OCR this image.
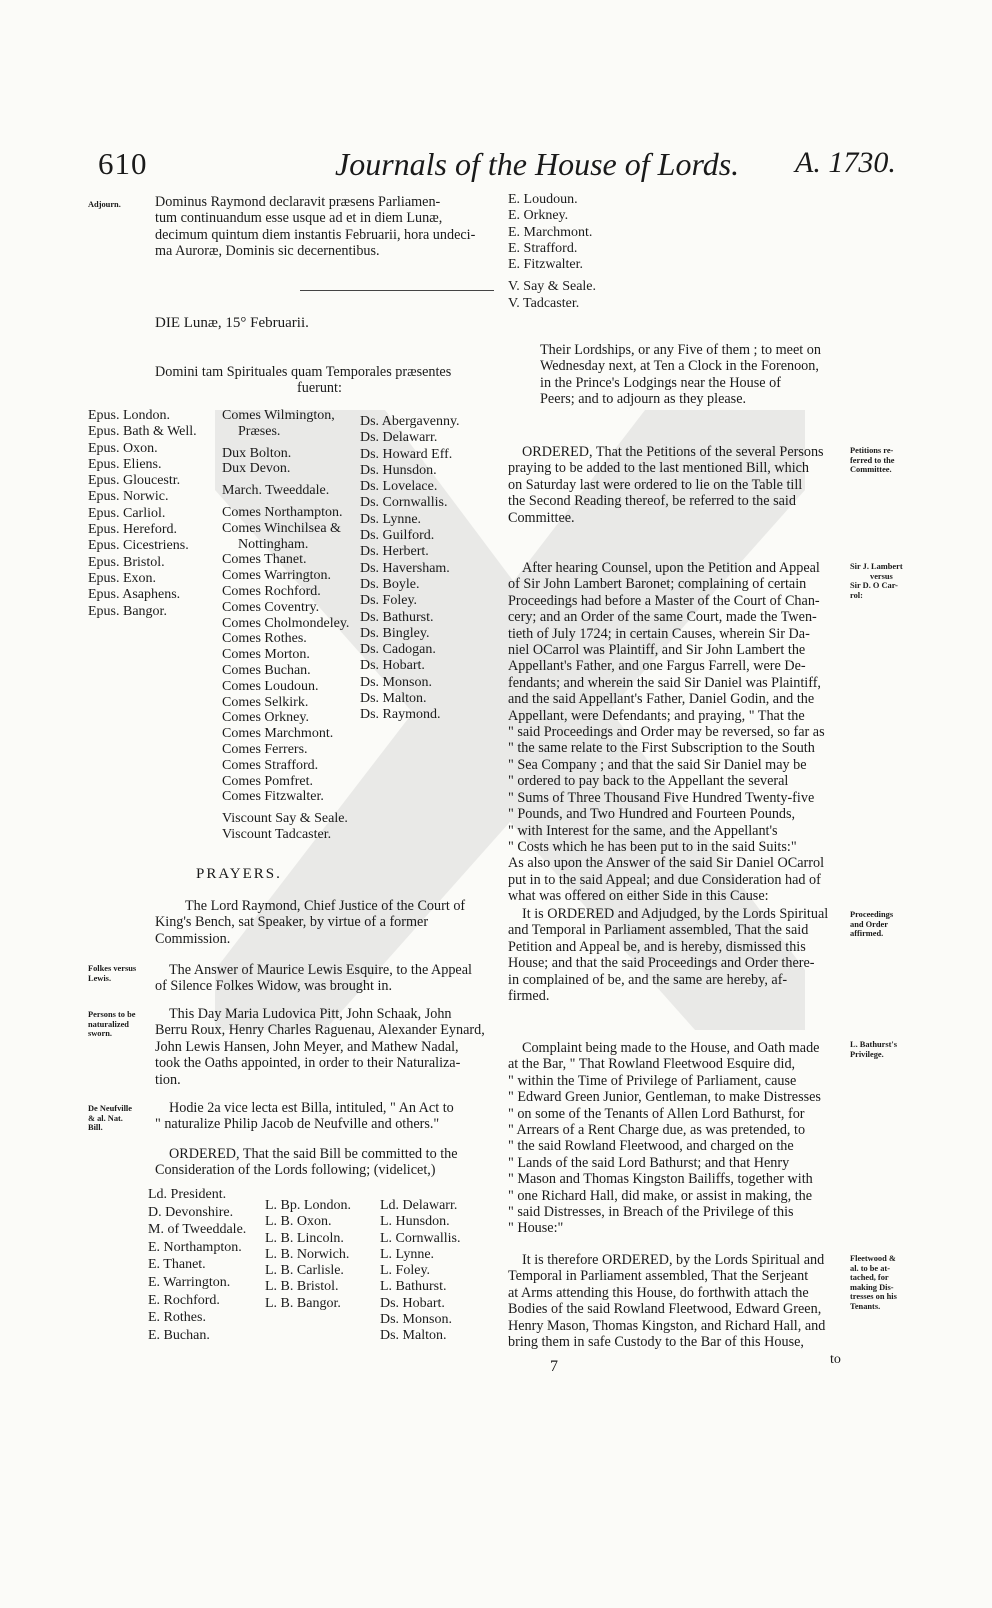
610	Journals of the House of Lords. A. 1730.
Adjourn. Dominus Raymond declaravit præsens Parliamen-
tum continuandum esse usque ad et in diem Lunæ,
decimum quintum diem instantis Februarii, hora undeci-
ma Auroræ, Dominis sic decernentibus.
E. Loudoun.
E. Orkney.
E. Marchmont.
E. Strafford.
E. Fitzwalter.
V. Say & Seale.
V. Tadcaster.
Their Lordships, or any Five of them ; to meet on
Wednesday next, at Ten a Clock in the Forenoon,
in the Prince's Lodgings near the House of
Peers; and to adjourn as they please.
DIE Lunæ, 15° Februarii.
Domini tam Spirituales quam Temporales præsentes
fuerunt:
Epus. London.
Epus. Bath & Well.
Epus. Oxon.
Epus. Eliens.
Epus. Gloucestr.
Epus. Norwic.
Epus. Carliol.
Epus. Hereford.
Epus. Cicestriens.
Epus. Bristol.
Epus. Exon.
Epus. Asaphens.
Epus. Bangor.
Comes Wilmington,
Præses.
Dux Bolton.
Dux Devon.
March. Tweeddale.
Comes Northampton.
Comes Winchilsea &
Nottingham.
Comes Thanet.
Comes Warrington.
Comes Rochford.
Comes Coventry.
Comes Cholmondeley.
Comes Rothes.
Comes Morton.
Comes Buchan.
Comes Loudoun.
Comes Selkirk.
Comes Orkney.
Comes Marchmont.
Comes Ferrers.
Comes Strafford.
Comes Pomfret.
Comes Fitzwalter.
Viscount Say & Seale.
Viscount Tadcaster.
Ds. Abergavenny.
Ds. Delawarr.
Ds. Howard Eff.
Ds. Hunsdon.
Ds. Lovelace.
Ds. Cornwallis.
Ds. Lynne.
Ds. Guilford.
Ds. Herbert.
Ds. Haversham.
Ds. Boyle.
Ds. Foley.
Ds. Bathurst.
Ds. Bingley.
Ds. Cadogan.
Ds. Hobart.
Ds. Monson.
Ds. Malton.
Ds. Raymond.
PRAYERS.
The Lord Raymond, Chief Justice of the Court of
King's Bench, sat Speaker, by virtue of a former
Commission.
Folkes versus
Lewis.
The Answer of Maurice Lewis Esquire, to the Appeal
of Silence Folkes Widow, was brought in.
Persons to be
naturalized
sworn.
This Day Maria Ludovica Pitt, John Schaak, John
Berru Roux, Henry Charles Raguenau, Alexander Eynard,
John Lewis Hansen, John Meyer, and Mathew Nadal,
took the Oaths appointed, in order to their Naturaliza-
tion.
De Neufville
& al. Nat.
Bill.
Hodie 2a vice lecta est Billa, intituled, " An Act to
" naturalize Philip Jacob de Neufville and others."
ORDERED, That the said Bill be committed to the
Consideration of the Lords following; (videlicet,)
Ld. President.
D. Devonshire.
M. of Tweeddale.
E. Northampton.
E. Thanet.
E. Warrington.
E. Rochford.
E. Rothes.
E. Buchan.
L. Bp. London.
L. B. Oxon.
L. B. Lincoln.
L. B. Norwich.
L. B. Carlisle.
L. B. Bristol.
L. B. Bangor.
Ld. Delawarr.
L. Hunsdon.
L. Cornwallis.
L. Lynne.
L. Foley.
L. Bathurst.
Ds. Hobart.
Ds. Monson.
Ds. Malton.
ORDERED, That the Petitions of the several Persons
praying to be added to the last mentioned Bill, which
on Saturday last were ordered to lie on the Table till
the Second Reading thereof, be referred to the said
Committee.
Petitions re-
ferred to the
Committee.
After hearing Counsel, upon the Petition and Appeal
of Sir John Lambert Baronet; complaining of certain
Proceedings had before a Master of the Court of Chan-
cery; and an Order of the same Court, made the Twen-
tieth of July 1724; in certain Causes, wherein Sir Da-
niel OCarrol was Plaintiff, and Sir John Lambert the
Appellant's Father, and one Fargus Farrell, were De-
fendants; and wherein the said Sir Daniel was Plaintiff,
and the said Appellant's Father, Daniel Godin, and the
Appellant, were Defendants; and praying, " That the
" said Proceedings and Order may be reversed, so far as
" the same relate to the First Subscription to the South
" Sea Company ; and that the said Sir Daniel may be
" ordered to pay back to the Appellant the several
" Sums of Three Thousand Five Hundred Twenty-five
" Pounds, and Two Hundred and Fourteen Pounds,
" with Interest for the same, and the Appellant's
" Costs which he has been put to in the said Suits:"
As also upon the Answer of the said Sir Daniel OCarrol
put in to the said Appeal; and due Consideration had of
what was offered on either Side in this Cause:
Sir J. Lambert
versus
Sir D. O Car-
rol:
It is ORDERED and Adjudged, by the Lords Spiritual
and Temporal in Parliament assembled, That the said
Petition and Appeal be, and is hereby, dismissed this
House; and that the said Proceedings and Order there-
in complained of be, and the same are hereby, af-
firmed.
Proceedings
and Order
affirmed.
Complaint being made to the House, and Oath made
at the Bar, " That Rowland Fleetwood Esquire did,
" within the Time of Privilege of Parliament, cause
" Edward Green Junior, Gentleman, to make Distresses
" on some of the Tenants of Allen Lord Bathurst, for
" Arrears of a Rent Charge due, as was pretended, to
" the said Rowland Fleetwood, and charged on the
" Lands of the said Lord Bathurst; and that Henry
" Mason and Thomas Kingston Bailiffs, together with
" one Richard Hall, did make, or assist in making, the
" said Distresses, in Breach of the Privilege of this
" House:"
L. Bathurst's
Privilege.
It is therefore ORDERED, by the Lords Spiritual and
Temporal in Parliament assembled, That the Serjeant
at Arms attending this House, do forthwith attach the
Bodies of the said Rowland Fleetwood, Edward Green,
Henry Mason, Thomas Kingston, and Richard Hall, and
bring them in safe Custody to the Bar of this House,
Fleetwood &
al. to be at-
tached, for
making Dis-
tresses on his
Tenants.
7	to
